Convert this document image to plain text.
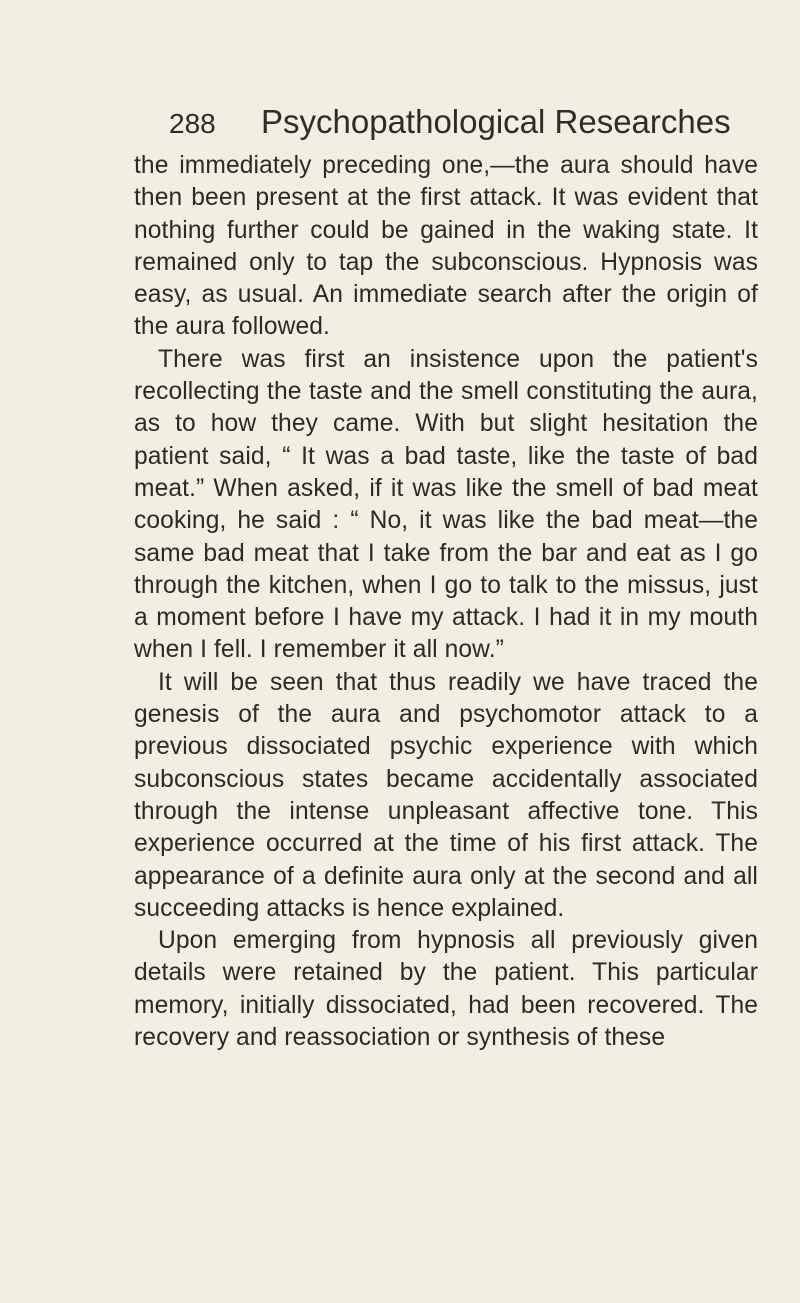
288 Psychopathological Researches

the immediately preceding one,—the aura should have then been present at the first attack. It was evident that nothing further could be gained in the waking state. It remained only to tap the subconscious. Hypnosis was easy, as usual. An immediate search after the origin of the aura followed.

There was first an insistence upon the patient's recollecting the taste and the smell constituting the aura, as to how they came. With but slight hesitation the patient said, “ It was a bad taste, like the taste of bad meat.” When asked, if it was like the smell of bad meat cooking, he said : “ No, it was like the bad meat—the same bad meat that I take from the bar and eat as I go through the kitchen, when I go to talk to the missus, just a moment before I have my attack. I had it in my mouth when I fell. I remember it all now.”

It will be seen that thus readily we have traced the genesis of the aura and psychomotor attack to a previous dissociated psychic experience with which subconscious states became accidentally associated through the intense unpleasant affective tone. This experience occurred at the time of his first attack. The appearance of a definite aura only at the second and all succeeding attacks is hence explained.

Upon emerging from hypnosis all previously given details were retained by the patient. This particular memory, initially dissociated, had been recovered. The recovery and reassociation or synthesis of these
